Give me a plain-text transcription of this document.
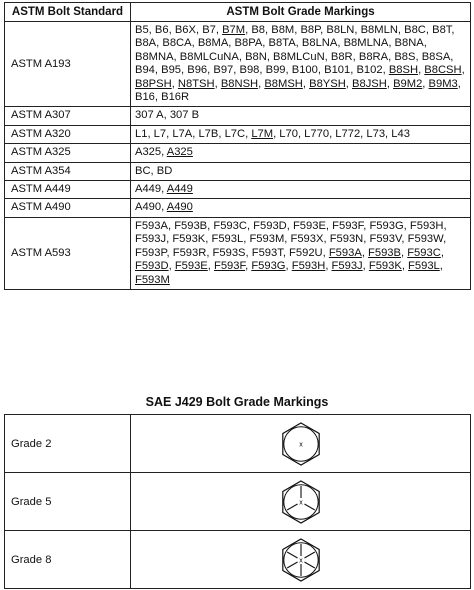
ASTM Bolt Standard	ASTM Bolt Grade Markings
ASTM A193	B5, B6, B6X, B7, B7M, B8, B8M, B8P, B8LN, B8MLN, B8C, B8T, B8A, B8CA, B8MA, B8PA, B8TA, B8LNA, B8MLNA, B8NA, B8MNA, B8MLCuNA, B8N, B8MLCuN, B8R, B8RA, B8S, B8SA, B94, B95, B96, B97, B98, B99, B100, B101, B102, B8SH, B8CSH, B8PSH, N8TSH, B8NSH, B8MSH, B8YSH, B8JSH, B9M2, B9M3, B16, B16R
ASTM A307	307 A, 307 B
ASTM A320	L1, L7, L7A, L7B, L7C, L7M, L70, L770, L772, L73, L43
ASTM A325	A325, A325
ASTM A354	BC, BD
ASTM A449	A449, A449
ASTM A490	A490, A490
ASTM A593	F593A, F593B, F593C, F593D, F593E, F593F, F593G, F593H, F593J, F593K, F593L, F593M, F593X, F593N, F593V, F593W, F593P, F593R, F593S, F593T, F592U, F593A, F593B, F593C, F593D, F593E, F593F, F593G, F593H, F593J, F593K, F593L, F593M
SAE J429 Bolt Grade Markings
Grade 2	x

Grade 5	x

Grade 8	x
